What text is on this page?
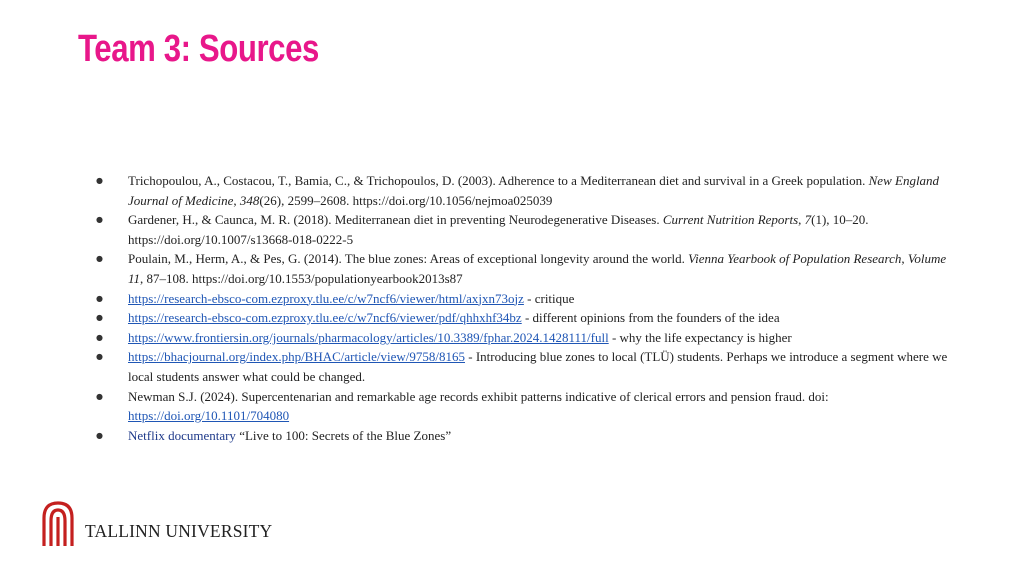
Team 3: Sources
● Trichopoulou, A., Costacou, T., Bamia, C., & Trichopoulos, D. (2003). Adherence to a Mediterranean diet and survival in a Greek population. New England Journal of Medicine, 348(26), 2599–2608. https://doi.org/10.1056/nejmoa025039
● Gardener, H., & Caunca, M. R. (2018). Mediterranean diet in preventing Neurodegenerative Diseases. Current Nutrition Reports, 7(1), 10–20. https://doi.org/10.1007/s13668-018-0222-5
● Poulain, M., Herm, A., & Pes, G. (2014). The blue zones: Areas of exceptional longevity around the world. Vienna Yearbook of Population Research, Volume 11, 87–108. https://doi.org/10.1553/populationyearbook2013s87
● https://research-ebsco-com.ezproxy.tlu.ee/c/w7ncf6/viewer/html/axjxn73ojz - critique
● https://research-ebsco-com.ezproxy.tlu.ee/c/w7ncf6/viewer/pdf/qhhxhf34bz - different opinions from the founders of the idea
● https://www.frontiersin.org/journals/pharmacology/articles/10.3389/fphar.2024.1428111/full - why the life expectancy is higher
● https://bhacjournal.org/index.php/BHAC/article/view/9758/8165 - Introducing blue zones to local (TLÜ) students. Perhaps we introduce a segment where we local students answer what could be changed.
● Newman S.J. (2024). Supercentenarian and remarkable age records exhibit patterns indicative of clerical errors and pension fraud. doi: https://doi.org/10.1101/704080
● Netflix documentary “Live to 100: Secrets of the Blue Zones”
TALLINN UNIVERSITY
